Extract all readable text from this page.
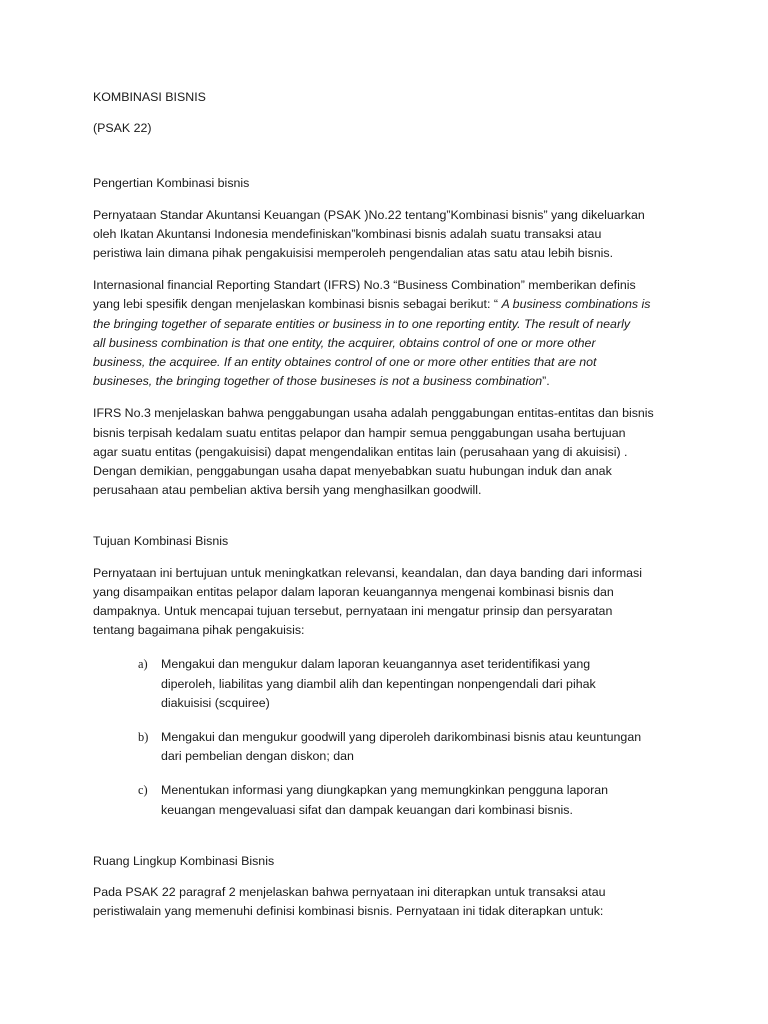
KOMBINASI BISNIS

(PSAK 22)

Pengertian Kombinasi bisnis

Pernyataan Standar Akuntansi Keuangan (PSAK )No.22 tentang”Kombinasi bisnis” yang dikeluarkan
oleh Ikatan Akuntansi Indonesia mendefiniskan”kombinasi bisnis adalah suatu transaksi atau
peristiwa lain dimana pihak pengakuisisi memperoleh pengendalian atas satu atau lebih bisnis.

Internasional financial Reporting Standart (IFRS) No.3 “Business Combination” memberikan definis
yang lebi spesifik dengan menjelaskan kombinasi bisnis sebagai berikut: “ A business combinations is
the bringing together of separate entities or business in to one reporting entity. The result of nearly
all business combination is that one entity, the acquirer, obtains control of one or more other
business, the acquiree. If an entity obtaines control of one or more other entities that are not
busineses, the bringing together of those busineses is not a business combination”.

IFRS No.3 menjelaskan bahwa penggabungan usaha adalah penggabungan entitas-entitas dan bisnis
bisnis terpisah kedalam suatu entitas pelapor dan hampir semua penggabungan usaha bertujuan
agar suatu entitas (pengakuisisi) dapat mengendalikan entitas lain (perusahaan yang di akuisisi) .
Dengan demikian, penggabungan usaha dapat menyebabkan suatu hubungan induk dan anak
perusahaan atau pembelian aktiva bersih yang menghasilkan goodwill.

Tujuan Kombinasi Bisnis

Pernyataan ini bertujuan untuk meningkatkan relevansi, keandalan, dan daya banding dari informasi
yang disampaikan entitas pelapor dalam laporan keuangannya mengenai kombinasi bisnis dan
dampaknya. Untuk mencapai tujuan tersebut, pernyataan ini mengatur prinsip dan persyaratan
tentang bagaimana pihak pengakuisis:

a) Mengakui dan mengukur dalam laporan keuangannya aset teridentifikasi yang
diperoleh, liabilitas yang diambil alih dan kepentingan nonpengendali dari pihak
diakuisisi (scquiree)
b) Mengakui dan mengukur goodwill yang diperoleh darikombinasi bisnis atau keuntungan
dari pembelian dengan diskon; dan
c) Menentukan informasi yang diungkapkan yang memungkinkan pengguna laporan
keuangan mengevaluasi sifat dan dampak keuangan dari kombinasi bisnis.

Ruang Lingkup Kombinasi Bisnis

Pada PSAK 22 paragraf 2 menjelaskan bahwa pernyataan ini diterapkan untuk transaksi atau
peristiwalain yang memenuhi definisi kombinasi bisnis. Pernyataan ini tidak diterapkan untuk:
